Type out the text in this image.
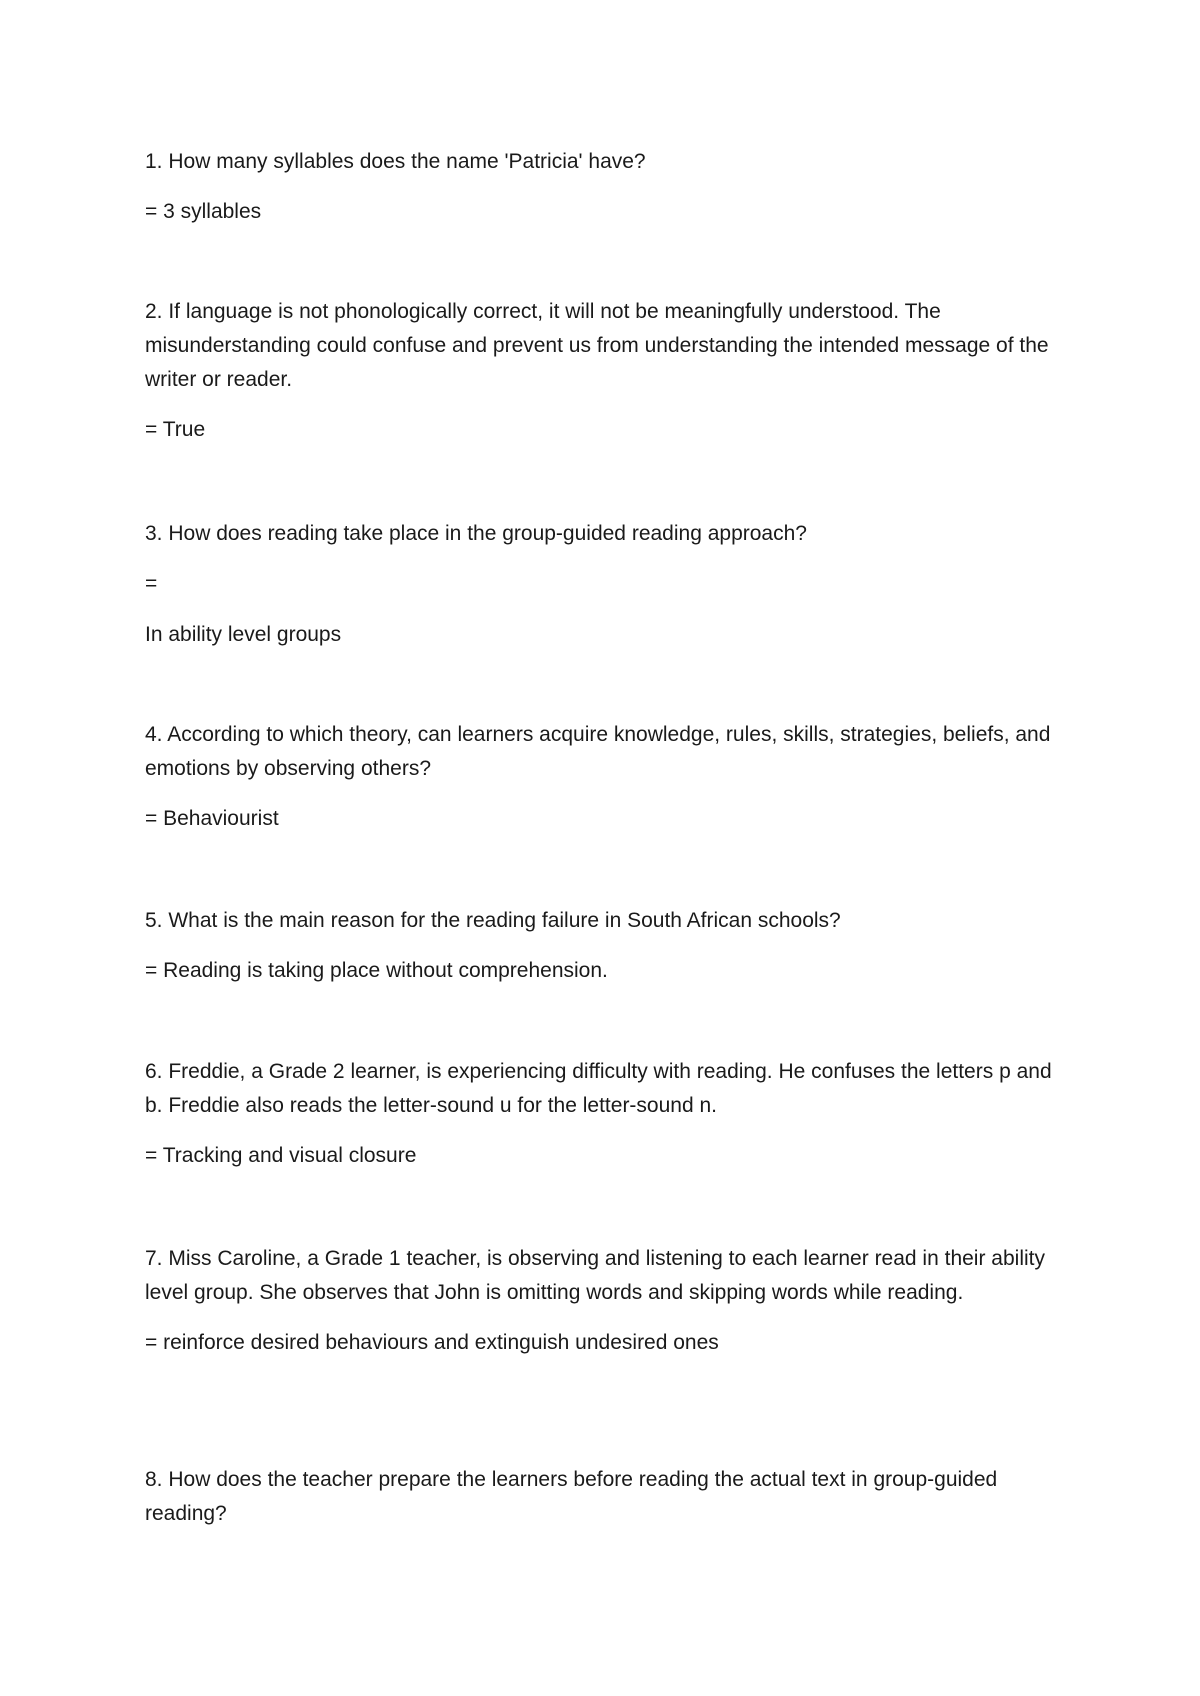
1. How many syllables does the name 'Patricia' have?

= 3 syllables

2. If language is not phonologically correct, it will not be meaningfully understood. The misunderstanding could confuse and prevent us from understanding the intended message of the writer or reader.

= True

3. How does reading take place in the group-guided reading approach?

=

In ability level groups

4. According to which theory, can learners acquire knowledge, rules, skills, strategies, beliefs, and emotions by observing others?

= Behaviourist

5. What is the main reason for the reading failure in South African schools?

= Reading is taking place without comprehension.

6. Freddie, a Grade 2 learner, is experiencing difficulty with reading. He confuses the letters p and b. Freddie also reads the letter-sound u for the letter-sound n.

= Tracking and visual closure

7. Miss Caroline, a Grade 1 teacher, is observing and listening to each learner read in their ability level group. She observes that John is omitting words and skipping words while reading.

= reinforce desired behaviours and extinguish undesired ones

8. How does the teacher prepare the learners before reading the actual text in group-guided reading?
